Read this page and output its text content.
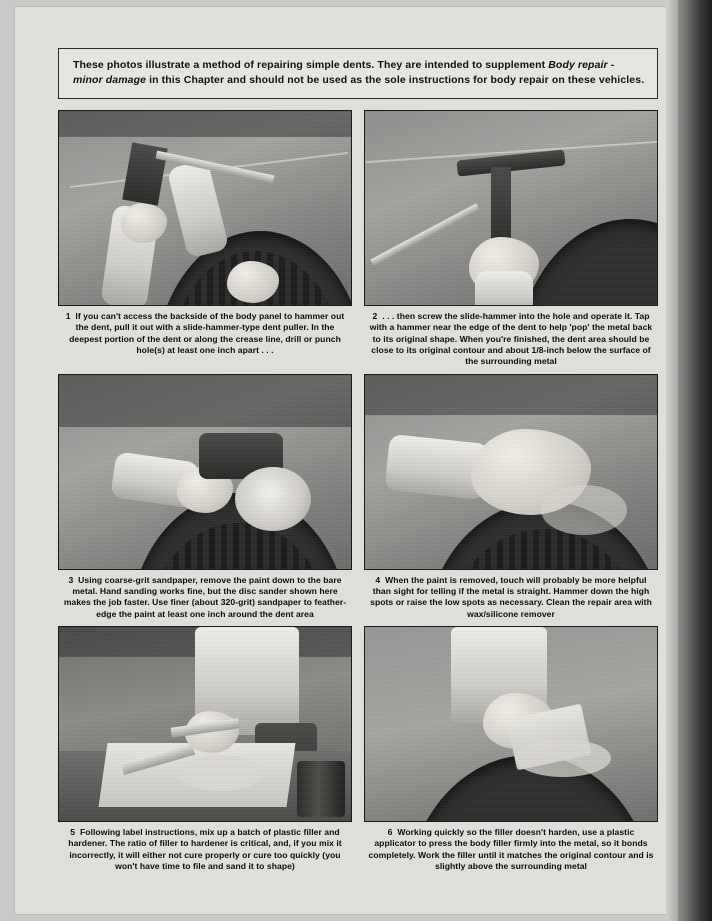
These photos illustrate a method of repairing simple dents. They are intended to supplement Body repair - minor damage in this Chapter and should not be used as the sole instructions for body repair on these vehicles.

1 If you can't access the backside of the body panel to hammer out the dent, pull it out with a slide-hammer-type dent puller. In the deepest portion of the dent or along the crease line, drill or punch hole(s) at least one inch apart . . .
2 . . . then screw the slide-hammer into the hole and operate it. Tap with a hammer near the edge of the dent to help 'pop' the metal back to its original shape. When you're finished, the dent area should be close to its original contour and about 1/8-inch below the surface of the surrounding metal
3 Using coarse-grit sandpaper, remove the paint down to the bare metal. Hand sanding works fine, but the disc sander shown here makes the job faster. Use finer (about 320-grit) sandpaper to feather-edge the paint at least one inch around the dent area
4 When the paint is removed, touch will probably be more helpful than sight for telling if the metal is straight. Hammer down the high spots or raise the low spots as necessary. Clean the repair area with wax/silicone remover
5 Following label instructions, mix up a batch of plastic filler and hardener. The ratio of filler to hardener is critical, and, if you mix it incorrectly, it will either not cure properly or cure too quickly (you won't have time to file and sand it to shape)
6 Working quickly so the filler doesn't harden, use a plastic applicator to press the body filler firmly into the metal, so it bonds completely. Work the filler until it matches the original contour and is slightly above the surrounding metal
